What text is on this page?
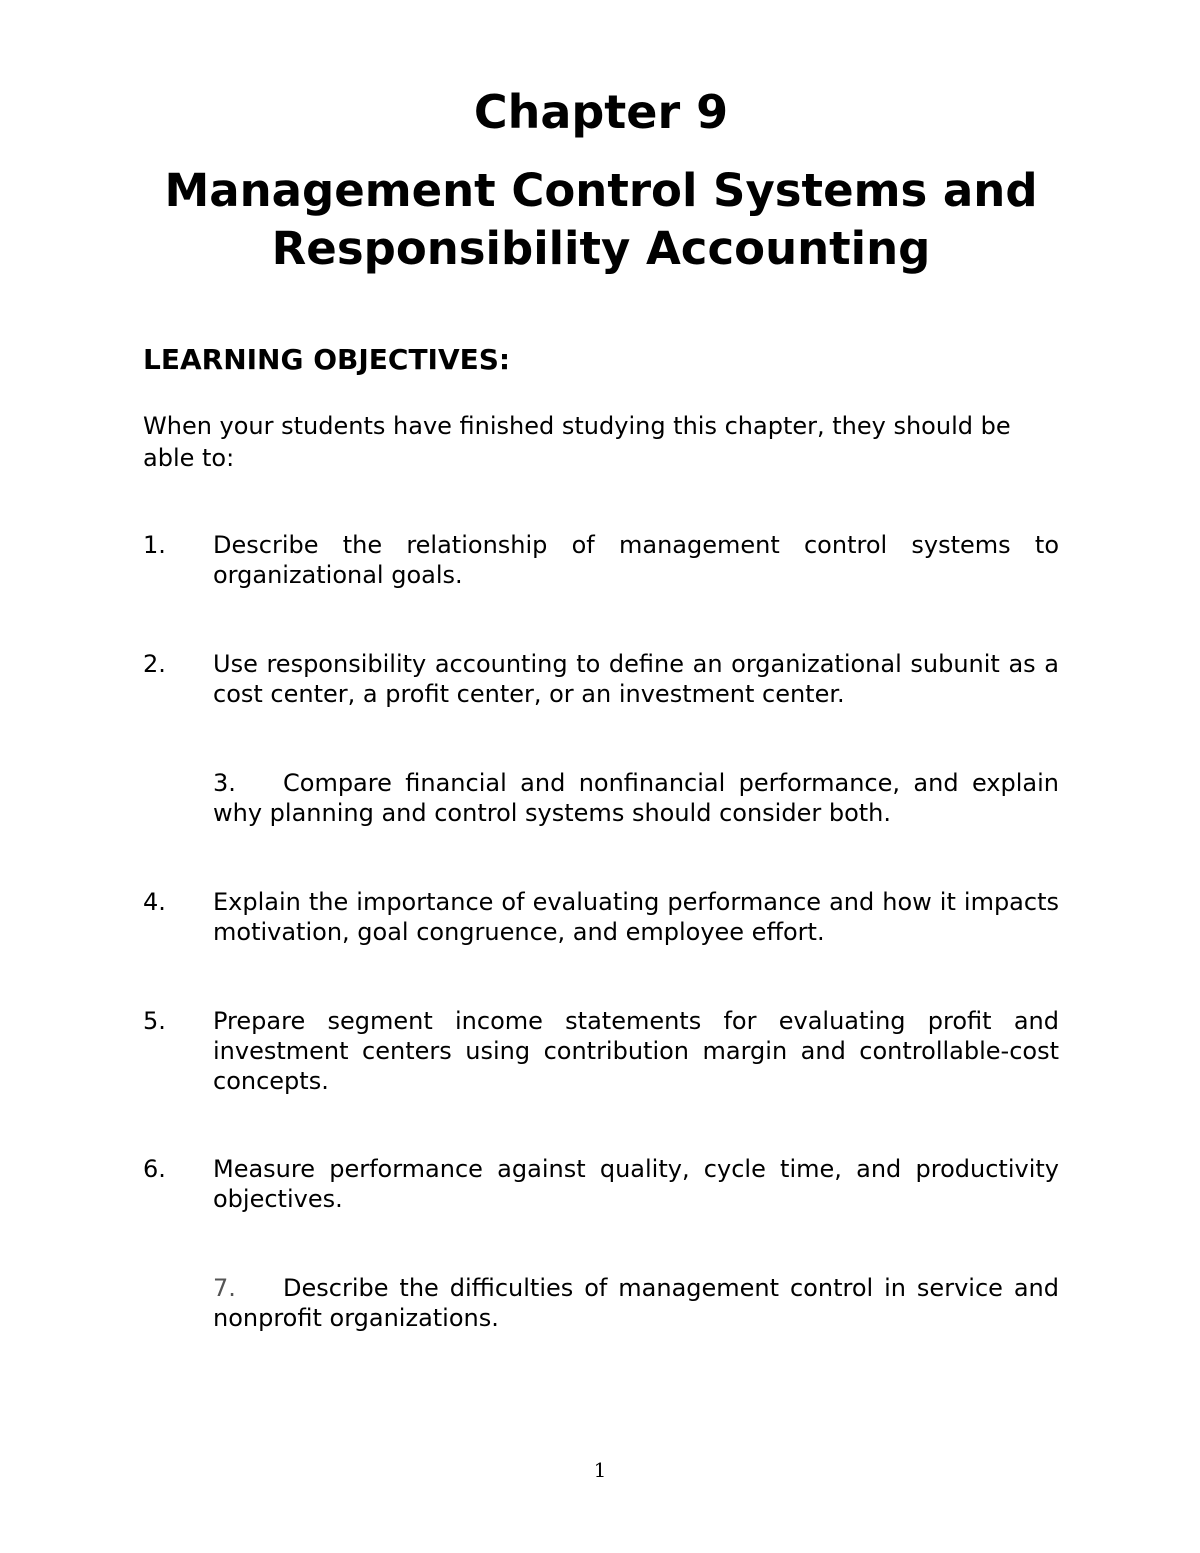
Chapter 9
Management Control Systems and
Responsibility Accounting
LEARNING OBJECTIVES:

When your students have finished studying this chapter, they should be able to:

1.	Describe the relationship of management control systems to organizational goals.
2.	Use responsibility accounting to define an organizational subunit as a cost center, a profit center, or an investment center.

3. Compare financial and nonfinancial performance, and explain why planning and control systems should consider both.

4.	Explain the importance of evaluating performance and how it impacts motivation, goal congruence, and employee effort.
5.	Prepare segment income statements for evaluating profit and investment centers using contribution margin and controllable-cost concepts.
6.	Measure performance against quality, cycle time, and productivity objectives.

7. Describe the difficulties of management control in service and nonprofit organizations.

1
